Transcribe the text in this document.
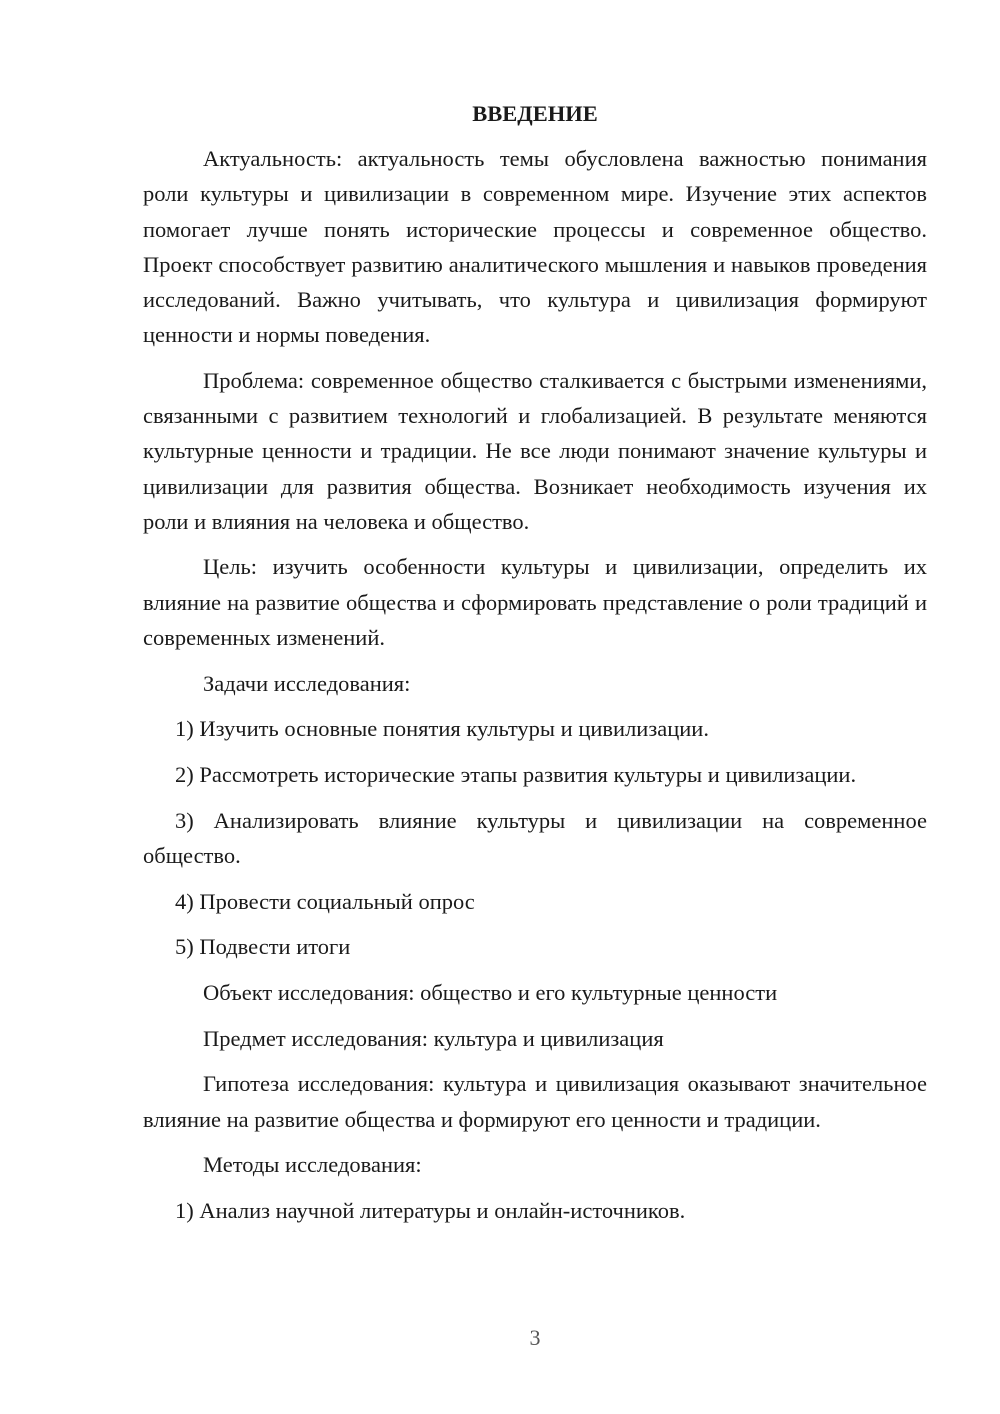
ВВЕДЕНИЕ

Актуальность: актуальность темы обусловлена важностью понимания роли культуры и цивилизации в современном мире. Изучение этих аспектов помогает лучше понять исторические процессы и современное общество. Проект способствует развитию аналитического мышления и навыков проведения исследований. Важно учитывать, что культура и цивилизация формируют ценности и нормы поведения.

Проблема: современное общество сталкивается с быстрыми изменениями, связанными с развитием технологий и глобализацией. В результате меняются культурные ценности и традиции. Не все люди понимают значение культуры и цивилизации для развития общества. Возникает необходимость изучения их роли и влияния на человека и общество.

Цель: изучить особенности культуры и цивилизации, определить их влияние на развитие общества и сформировать представление о роли традиций и современных изменений.

Задачи исследования:

1) Изучить основные понятия культуры и цивилизации.

2) Рассмотреть исторические этапы развития культуры и цивилизации.

3) Анализировать влияние культуры и цивилизации на современное общество.

4) Провести социальный опрос

5) Подвести итоги

Объект исследования: общество и его культурные ценности

Предмет исследования: культура и цивилизация

Гипотеза исследования: культура и цивилизация оказывают значительное влияние на развитие общества и формируют его ценности и традиции.

Методы исследования:

1) Анализ научной литературы и онлайн-источников.

3
